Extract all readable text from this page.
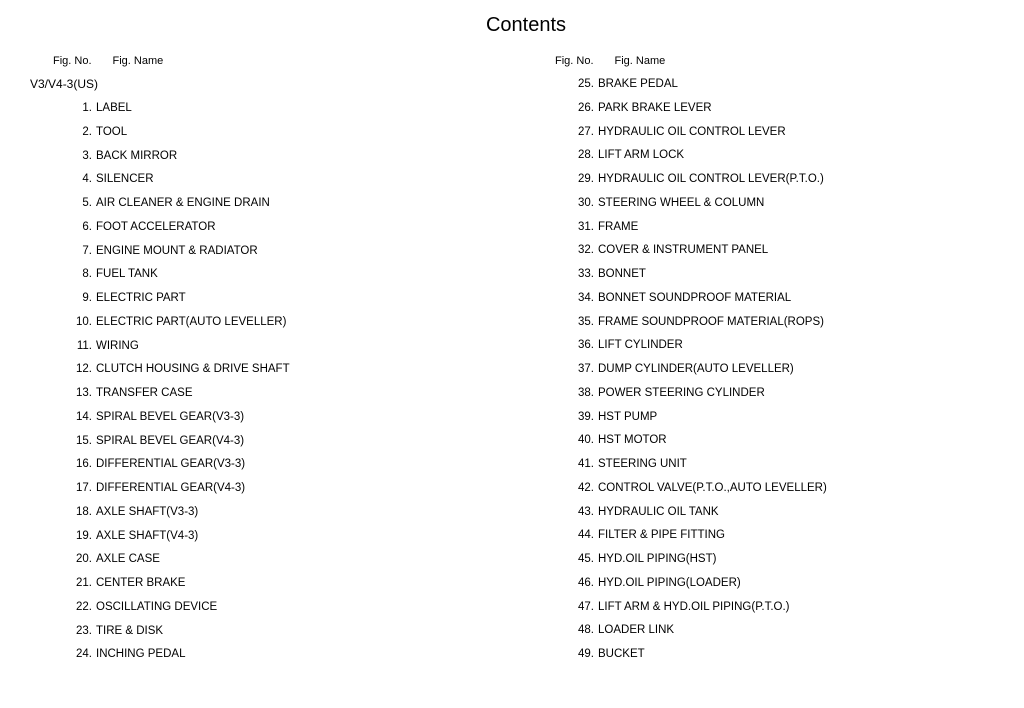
Contents
Fig. No. Fig. Name	Fig. No. Fig. Name
V3/V4-3(US)
1. LABEL
2. TOOL
3. BACK MIRROR
4. SILENCER
5. AIR CLEANER & ENGINE DRAIN
6. FOOT ACCELERATOR
7. ENGINE MOUNT & RADIATOR
8. FUEL TANK
9. ELECTRIC PART
10. ELECTRIC PART(AUTO LEVELLER)
11. WIRING
12. CLUTCH HOUSING & DRIVE SHAFT
13. TRANSFER CASE
14. SPIRAL BEVEL GEAR(V3-3)
15. SPIRAL BEVEL GEAR(V4-3)
16. DIFFERENTIAL GEAR(V3-3)
17. DIFFERENTIAL GEAR(V4-3)
18. AXLE SHAFT(V3-3)
19. AXLE SHAFT(V4-3)
20. AXLE CASE
21. CENTER BRAKE
22. OSCILLATING DEVICE
23. TIRE & DISK
24. INCHING PEDAL
25. BRAKE PEDAL
26. PARK BRAKE LEVER
27. HYDRAULIC OIL CONTROL LEVER
28. LIFT ARM LOCK
29. HYDRAULIC OIL CONTROL LEVER(P.T.O.)
30. STEERING WHEEL & COLUMN
31. FRAME
32. COVER & INSTRUMENT PANEL
33. BONNET
34. BONNET SOUNDPROOF MATERIAL
35. FRAME SOUNDPROOF MATERIAL(ROPS)
36. LIFT CYLINDER
37. DUMP CYLINDER(AUTO LEVELLER)
38. POWER STEERING CYLINDER
39. HST PUMP
40. HST MOTOR
41. STEERING UNIT
42. CONTROL VALVE(P.T.O.,AUTO LEVELLER)
43. HYDRAULIC OIL TANK
44. FILTER & PIPE FITTING
45. HYD.OIL PIPING(HST)
46. HYD.OIL PIPING(LOADER)
47. LIFT ARM & HYD.OIL PIPING(P.T.O.)
48. LOADER LINK
49. BUCKET
